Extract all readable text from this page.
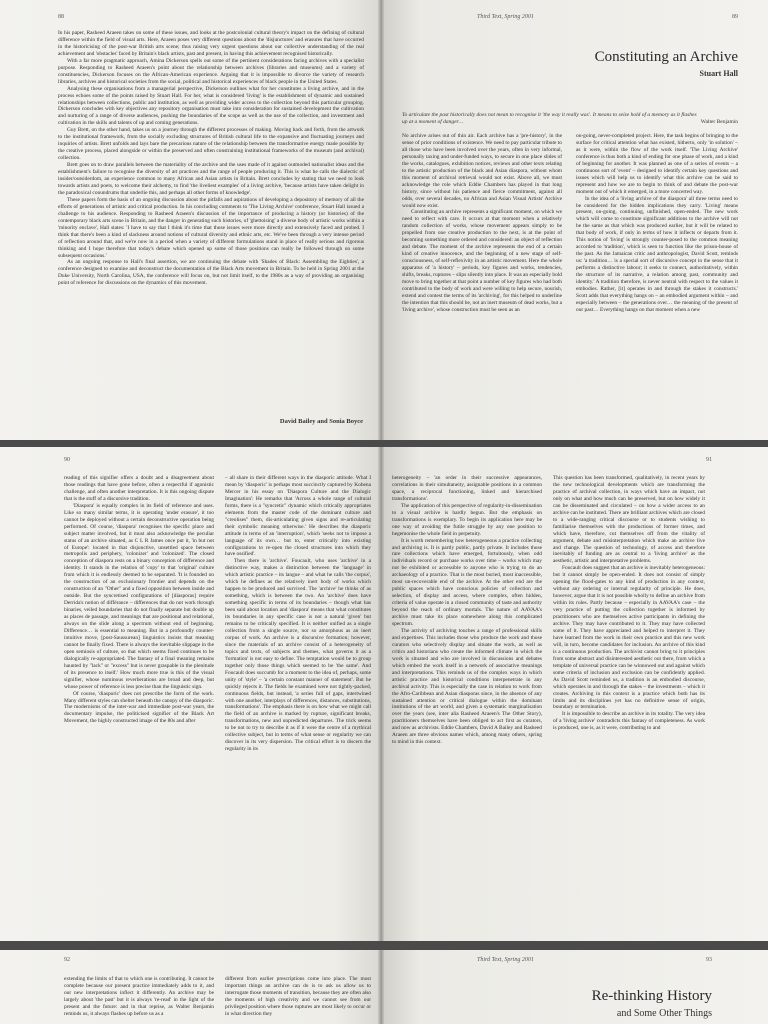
88

In his paper, Rasheed Araeen takes on some of these issues, and looks at the postcolonial cultural theory's impact on the defining of cultural difference within the field of visual arts. Here, Araeen poses very different questions about the 'disjunctures' and erasures that have occurred in the historicising of the post-war British arts scene; thus raising very urgent questions about our collective understanding of the real achievement and 'obstacles' faced by Britain's black artists, past and present, in having this achievement recognised historically.

With a far more pragmatic approach, Amina Dickerson spells out some of the pertinent considerations facing archives with a specialist purpose. Responding to Rasheed Araeen's point about the relationship between archives (libraries and museums) and a variety of constituencies, Dickerson focuses on the African-American experience. Arguing that it is impossible to divorce the variety of research libraries, archives and historical societies from the social, political and historical experiences of black people in the United States.

Analysing these organisations from a managerial perspective, Dickerson outlines what for her constitutes a living archive, and in the process echoes some of the points raised by Stuart Hall. For her, what is considered 'living' is the establishment of dynamic and sustained relationships between collections, public and institution, as well as providing wider access to the collection beyond this particular grouping. Dickerson concludes with key objectives any repository organisation must take into consideration for sustained development the cultivation and nurturing of a range of diverse audiences, pushing the boundaries of the scope as well as the use of the collection, and investment and cultivation in the skills and talents of up and coming generations.

Guy Brett, on the other hand, takes us on a journey through the different processes of making. Moving back and forth, from the artwork to the institutional framework, from the socially excluding structures of British cultural life to the expansive and fluctuating journeys and inquiries of artists. Brett unfolds and lays bare the precarious nature of the relationship between the transformative energy made possible by the creative process, placed alongside or within the preserved and often constraining institutional frameworks of the museum (and archival) collection.

Brett goes on to draw parallels between the materiality of the archive and the uses made of it against outmoded nationalist ideas and the establishment's failure to recognise the diversity of art practices and the range of people producing it. This is what he calls the dialectic of insider/outsiderdom, an experience common to many African and Asian artists in Britain. Brett concludes by stating that we need to look towards artists and poets, to welcome their alchemy, to find 'the liveliest examples' of a living archive, 'because artists have taken delight in the paradoxical conundrums that underlie this, and perhaps all other forms of knowledge'.

These papers form the basis of an ongoing discussion about the pitfalls and aspirations of developing a depository of memory of all the efforts of generations of artistic and critical production. In his concluding comments to 'The Living Archive' conference, Stuart Hall issued a challenge to his audience. Responding to Rasheed Araeen's discussion of the importance of producing a history (or histories) of the contemporary black arts scene in Britain, and the danger in generating such histories, of 'ghettoising' a diverse body of artistic works within a 'minority enclave', Hall states: 'I have to say that I think it's time that those issues were more directly and extensively faced and probed. I think that there's been a kind of slackness around notions of cultural diversity and ethnic arts, etc. We've been through a very intense period of reflection around that, and we're now in a period when a variety of different formulations stand in place of really serious and rigorous thinking and I hope therefore that today's debate which opened up some of those positions can really be followed through on some subsequent occasions.'

As an ongoing response to Hall's final assertion, we are continuing the debate with 'Shades of Black: Assembling the Eighties', a conference designed to examine and deconstruct the documentation of the Black Arts movement in Britain. To be held in Spring 2001 at the Duke University, North Carolina, USA, the conference will focus on, but not limit itself, to the 1980s as a way of providing an organising point of reference for discussions on the dynamics of this movement.

David Bailey and Sonia Boyce
Third Text, Spring 2001	89
Constituting an Archive
Stuart Hall
To articulate the past historically does not mean to recognise it 'the way it really was'. It means to seize hold of a memory as it flashes up at a moment of danger…	Walter Benjamin

No archive arises out of thin air. Each archive has a 'pre-history', in the sense of prior conditions of existence. We need to pay particular tribute to all those who have been involved over the years, often in very informal, personally taxing and under-funded ways, to secure in one place slides of the works, catalogues, exhibition notices, reviews and other texts relating to the artistic production of the black and Asian diaspora, without whom this moment of archival retrieval would not exist. Above all, we must acknowledge the role which Eddie Chambers has played in that long history, since without his patience and fierce commitment, against all odds, over several decades, no African and Asian Visual Artists' Archive would now exist.

Constituting an archive represents a significant moment, on which we need to reflect with care. It occurs at that moment when a relatively random collection of works, whose movement appears simply to be propelled from one creative production to the next, is at the point of becoming something more ordered and considered: an object of reflection and debate. The moment of the archive represents the end of a certain kind of creative innocence, and the beginning of a new stage of self-consciousness, of self-reflexivity in an artistic movement. Here the whole apparatus of 'a history' – periods, key figures and works, tendencies, shifts, breaks, ruptures – slips silently into place. It was an especially bold move to bring together at that point a number of key figures who had both contributed to the body of work and were willing to help secure, nourish, extend and contest the terms of its 'archiving', for this helped to underline the intention that this should be, not an inert museum of dead works, but a 'living archive', whose construction must be seen as an

on-going, never-completed project. Here, the task begins of bringing to the surface for critical attention what has existed, hitherto, only 'in solution' – as it were, within the flow of the work itself. 'The Living Archive' conference is thus both a kind of ending for one phase of work, and a kind of beginning for another. It was planned as one of a series of events – a continuous sort of 'event' – designed to identify certain key questions and issues which will help us to identify what this archive can be said to represent and how we are to begin to think of and debate the post-war moment out of which it emerged, in a more concerted way.

In the idea of a 'living archive of the diaspora' all three terms need to be considered for the hidden implications they carry. 'Living' means present, on-going, continuing, unfinished, open-ended. The new work which will come to constitute significant additions to the archive will not be the same as that which was produced earlier, but it will be related to that body of work, if only in terms of how it inflects or departs from it. This notion of 'living' is strongly counter-posed to the common meaning accorded to 'tradition', which is seen to function like the prison-house of the past. As the Jamaican critic and anthropologist, David Scott, reminds us: 'a tradition… is a special sort of discursive concept in the sense that it performs a distinctive labour; it seeks to connect, authoritatively, within the structure of its narrative, a relation among past, community and identity.' A tradition therefore, is never neutral with respect to the values it embodies. Rather, [it] operates in and through the stakes it constructs.' Scott adds that everything hangs on – an embodied argument within – and especially between – the generations over… the meaning of the present of our past… Everything hangs on that moment when a new

90

reading of this signifier offers a doubt and a disagreement about those readings that have gone before, often a respectful if agonistic challenge, and often another interpretation. It is this ongoing dispute that is the stuff of a discursive tradition.

'Diaspora' is equally complex in its field of reference and uses. Like so many similar terms, it is operating 'under erasure', it too cannot be deployed without a certain deconstructive operation being performed. Of course, 'diaspora' recognises the specific place and subject matter involved, but it must also acknowledge the peculiar status of an archive situated, as C L R James once put it, 'in but not of Europe': located in that disjunctive, unsettled space between metropolis and periphery, 'colonizer' and 'colonized'. The closed conception of diaspora rests on a binary conception of difference and identity. It stands in the relation of 'copy' to that 'original' culture from which it is endlessly deemed to be separated. 'It is founded on the construction of an exclusionary frontier and depends on the construction of an "Other" and a fixed opposition between inside and outside. But the syncretised configurations of [diasporas] require Derrida's notion of différance – differences that do not work through binaries, veiled boundaries that do not finally separate but double up as places de passage, and meanings that are positional and relational, always on the slide along a spectrum without end of beginning. Difference… is essential to meaning. But in a profoundly counter-intuitive move, [post-Saussurean] linguistics insists that meaning cannot be finally fixed. There is always the inevitable slippage in the open semiosis of culture, so that which seems fixed continues to be dialogically re-appropriated. The fantasy of a final meaning remains haunted by "lack" or "excess" but is never graspable in the plenitude of its presence to itself.' How much more true is this of the visual signifier, whose numinous reverberations are broad and deep, but whose power of reference is less precise than the linguistic sign.

Of course, 'diasporic' does not prescribe the form of the work. Many different styles can shelter beneath the canopy of the diasporic. The modernisms of the inter-war and immediate post-war years, the documentary impulse, the politicised signifier of the Black Art Movement, the highly constructed image of the 80s and after

– all share in their different ways in the diasporic attitude. What I mean by 'diasporic' is perhaps most succinctly captured by Kobena Mercer in his essay on 'Diaspora Culture and the Dialogic Imagination': He remarks that 'Across a whole range of cultural forms, there is a "syncretic" dynamic which critically appropriates elements from the master code of the dominant culture and "creolises" them, dis-articulating given signs and re-articulating their symbolic meaning otherwise.' He describes the diasporic attitude in terms of an 'interruption', which 'seeks not to impose a language of its own… but to, enter critically into existing configurations to re-open the closed structures into which they have ossified'.

Then there is 'archive'. Foucault, who uses 'archive' in a distinctive way, makes a distinction between the 'language' in which artistic practice – its langue – and what he calls 'the corpus', which he defines as the relatively inert body of works which happen to be produced and survived. The 'archive' he thinks of as something, which is between the two. An 'archive' does have something specific in terms of its boundaries – though what has been said about location and 'diaspora' means that what constitutes its boundaries in any specific case is not a natural 'given' but remains to be critically specified. It is neither unified as a single collection from a single source, nor so amorphous as an inert corpus of work. An archive is a discursive formation; however, since the materials of an archive consist of a heterogeneity of topics and texts, of subjects and themes, what governs it as a 'formation' is not easy to define. The temptation would be to group together only those things which seemed to be 'the same'. And Foucault does succumb for a moment to the idea of, perhaps, some unity of 'style' – 'a certain constant manner of statement'. But he quickly rejects it. The fields he examined were not tightly-packed, continuous fields, but instead, 'a series full of gaps, intertwined with one another, interplays of differences, distances, substitutions, transformations'. The emphasis there is on how what we might call the field of an archive is marked by rupture, significant breaks, transformations, new and unpredicted departures. The trick seems to be not to try to describe it as if it were the centre of a mythical collective subject, but in terms of what sense or regularity we can discover in its very dispersion. The critical effort is to discern the regularity in its

91

heterogeneity – 'an order in their successive appearances, correlations in their simultaneity, assignable positions in a common space, a reciprocal functioning, linked and hierarchised transformations'.

The application of this perspective of regularity-in-dissemination to a visual archive is hardly begun. But the emphasis on transformations is exemplary. To begin its application here may be one way of avoiding the futile struggle by any one position to hegemonise the whole field in perpetuity.

It is worth remembering how heterogeneous a practice collecting and archiving is. It is partly public, partly private. It includes those rare collections which have emerged, fortuitously, when odd individuals record or purchase works over time – works which may not be exhibited or accessible to anyone who is trying to do an archaeology of a practice. That is the most buried, most inaccessible, most un-recoverable end of the archive. At the other end are the public spaces which have conscious policies of collection and selection, of display and access, where complex, often hidden, criteria of value operate in a closed community of taste and authority beyond the reach of ordinary mortals. The nature of AAVAA's archive must take its place somewhere along this complicated spectrum.

The activity of archiving touches a range of professional skills and expertises. This includes those who produce the work and those curators who selectively display and situate the work, as well as critics and historians who create the informed climate in which the work is situated and who are involved in discussions and debates which embed the work itself in a network of associative meanings and interpretations. This reminds us of the complex ways in which artistic practice and historical conditions interpenetrate in any archival activity. This is especially the case in relation to work from the Afro-Caribbean and Asian diasporas since, in the absence of any sustained attention or critical dialogue within the dominant institutions of the art world, and given a systematic marginalisation over the years (see, inter alia Rasheed Araeen's The Other Story), practitioners themselves have been obliged to act first as curators, and now as archivists. Eddie Chambers, David A Bailey and Rasheed Araeen are three obvious names which, among many others, spring to mind in this context.

This question has been transformed, qualitatively, in recent years by the new technological developments which are transforming the practice of archival collection, in ways which have an impact, not only on what and how much can be preserved, but on how widely it can be disseminated and circulated – on how a wider access to an archive can be instituted. There are brilliant archives which are closed to a wide-ranging critical discourse or to students wishing to familiarise themselves with the productions of former times, and which have, therefore, cut themselves off from the vitality of argument, debate and misinterpretation which make an archive live and change. The question of technology, of access and therefore inevitably of funding are as central to a 'living archive' as the aesthetic, artistic and interpretative problems.

Foucault does suggest that an archive is inevitably heterogeneous: but it cannot simply be open-ended. It does not consist of simply opening the flood-gates to any kind of production in any context, without any ordering or internal regularity of principle. He does, however, argue that it is not possible wholly to define an archive from within its rules. Partly because – especially in AAVAA's case – the very practice of putting the collection together is informed by practitioners who are themselves active participants in defining the archive. They may have contributed to it. They may have collected some of it. They have appreciated and helped to interpret it. They have learned from the work in their own practice and this new work will, in turn, become candidates for inclusion. An archive of this kind is a continuous production. The archivist cannot bring to it principles from some abstract and disinterested aesthetic out there, from which a template of universal practice can be winnowed out and against which some criteria of inclusion and exclusion can be confidently applied. As David Scott reminded us, a tradition is an embodied discourse, which operates in and through the stakes – the investments – which it creates. Archiving in this context is a practice which both has its limits and its disciplines yet has no definitive sense of origin, boundary or termination.

It is impossible to describe an archive in its totality. The very idea of a 'living archive' contradicts this fantasy of completeness. As work is produced, one is, as it were, contributing to and

92

extending the limits of that to which one is contributing. It cannot be complete because our present practice immediately adds to it, and our new interpretations inflect it differently. An archive may be largely about 'the past' but it is always 're-read' in the light of the present and the future: and in that reprise, as Walter Benjamin reminds us, it always flashes up before us as a

different from earlier prescriptions come into place. The most important things an archive can do is to ask us allow us to interrogate those moments of transition, because they are often also the moments of high creativity and we cannot see from our privileged position where those ruptures are most likely to occur or in what direction they

Third Text, Spring 2001	93
Re-thinking History
and Some Other Things
